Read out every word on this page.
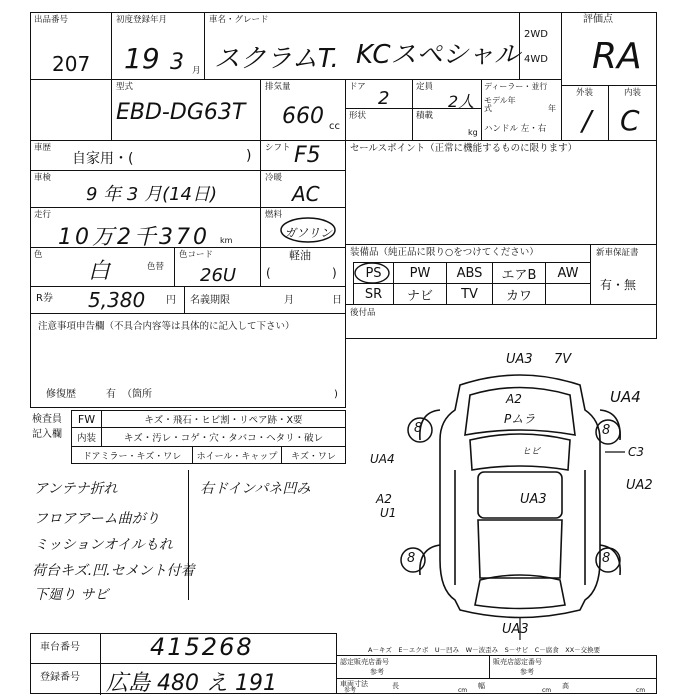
出品番号
207
初度登録年月
19 3 月
車名・グレード
スクラムT. KCスペシャル
2WD
4WD
評価点
RA
型式
EBD-DG63T
排気量
660 cc
ドア
2
定員
2人
形状	積載
kg
ディーラー・並行
モデル年式	年
ハンドル 左・右
外装
/
内装
C
車歴
自家用・(	) シフト F5	セールスポイント（正常に機能するものに限ります）
車検
9 年 3 月(14日)
冷暖
AC
走行
10万2千370 km
燃料
ガソリン
色
白	色替
色コード
26U
軽油
(	)
装備品（純正品に限り○をつけてください）
PS	PW	ABS	エアB	AW
SR	ナビ	TV	カワ
新車保証書
有・無
R券 5,380 円 名義期限	月	日
後付品
注意事項申告欄（不具合内容等は具体的に記入して下さい）
修復歴	有 （箇所	)
検査員
記入欄
FW	キズ・飛石・ヒビ割・リペア跡・X要
内装	キズ・汚レ・コゲ・穴・タバコ・ヘタリ・破レ
ドアミラー・キズ・ワレ	ホイール・キャップ	キズ・ワレ
アンテナ折れ
フロアアーム曲がり
ミッションオイルもれ
荷台キズ.凹.セメント付着
下廻り サビ
右ドインパネ凹み
UA3 7V
UA4
A2
Pムラ
ヒビ	C3
UA4
UA2
A2
U1
UA3
UA3
8	8
8	8
A－キズ　E－エクボ　U－凹み　W－波歪み　S－サビ　C－腐食　XX－交換要
車台番号	415268
登録番号 広島 480 え 191
認定販売店番号
参考
販売店認定番号
参考
車両寸法
参考
長	幅	高
cm	cm	cm
